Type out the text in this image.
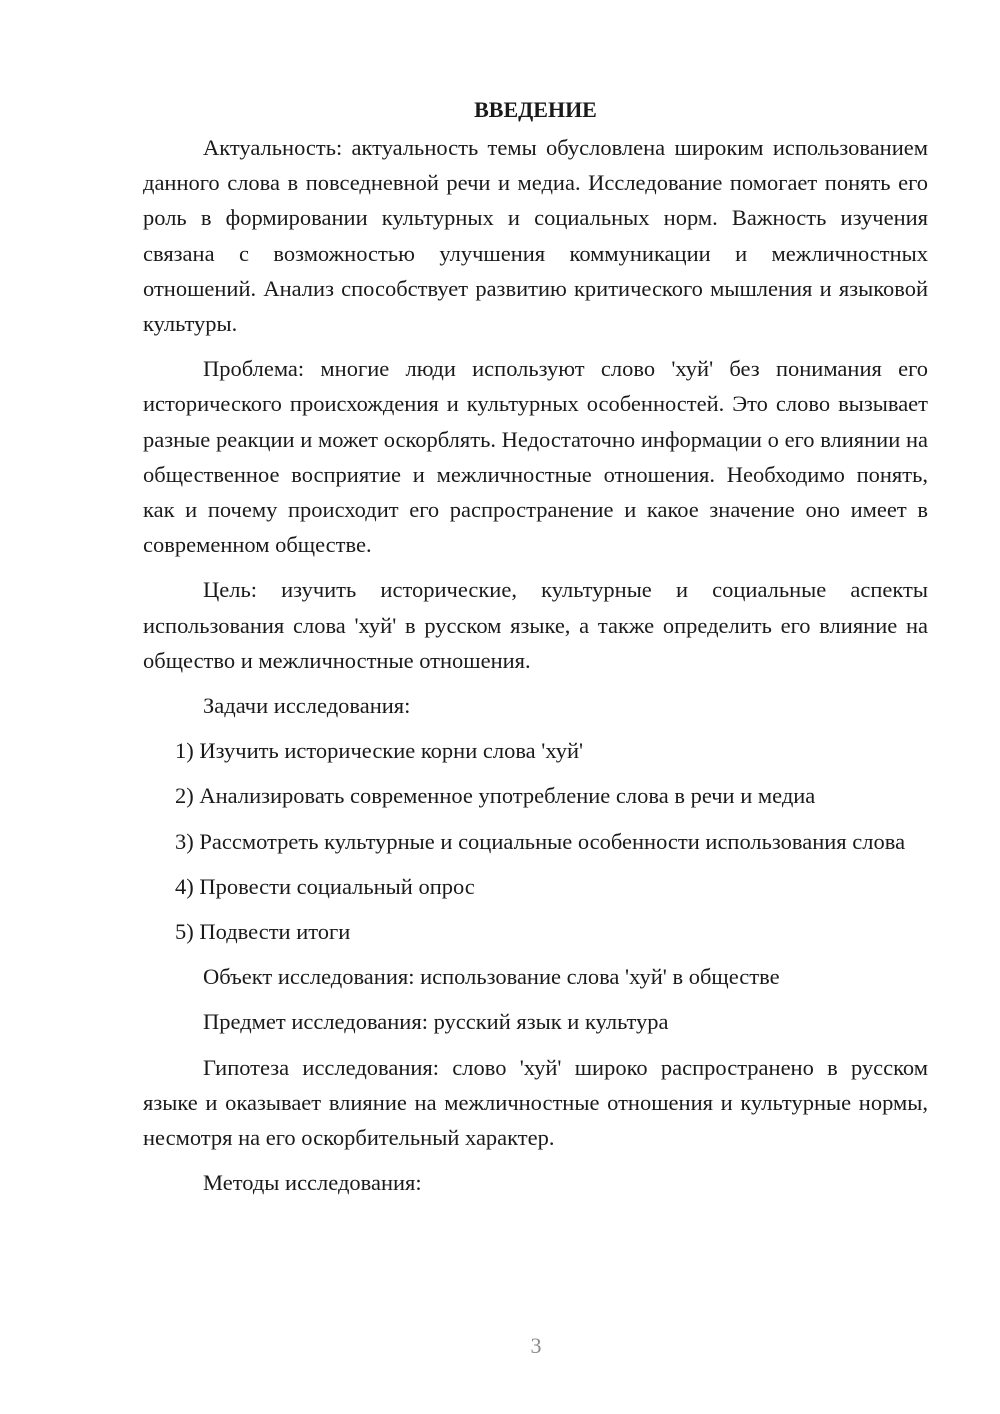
ВВЕДЕНИЕ

Актуальность: актуальность темы обусловлена широким использованием данного слова в повседневной речи и медиа. Исследование помогает понять его роль в формировании культурных и социальных норм. Важность изучения связана с возможностью улучшения коммуникации и межличностных отношений. Анализ способствует развитию критического мышления и языковой культуры.

Проблема: многие люди используют слово 'хуй' без понимания его исторического происхождения и культурных особенностей. Это слово вызывает разные реакции и может оскорблять. Недостаточно информации о его влиянии на общественное восприятие и межличностные отношения. Необходимо понять, как и почему происходит его распространение и какое значение оно имеет в современном обществе.

Цель: изучить исторические, культурные и социальные аспекты использования слова 'хуй' в русском языке, а также определить его влияние на общество и межличностные отношения.

Задачи исследования:

1) Изучить исторические корни слова 'хуй'
2) Анализировать современное употребление слова в речи и медиа
3) Рассмотреть культурные и социальные особенности использования слова
4) Провести социальный опрос
5) Подвести итоги

Объект исследования: использование слова 'хуй' в обществе

Предмет исследования: русский язык и культура

Гипотеза исследования: слово 'хуй' широко распространено в русском языке и оказывает влияние на межличностные отношения и культурные нормы, несмотря на его оскорбительный характер.

Методы исследования:

3
